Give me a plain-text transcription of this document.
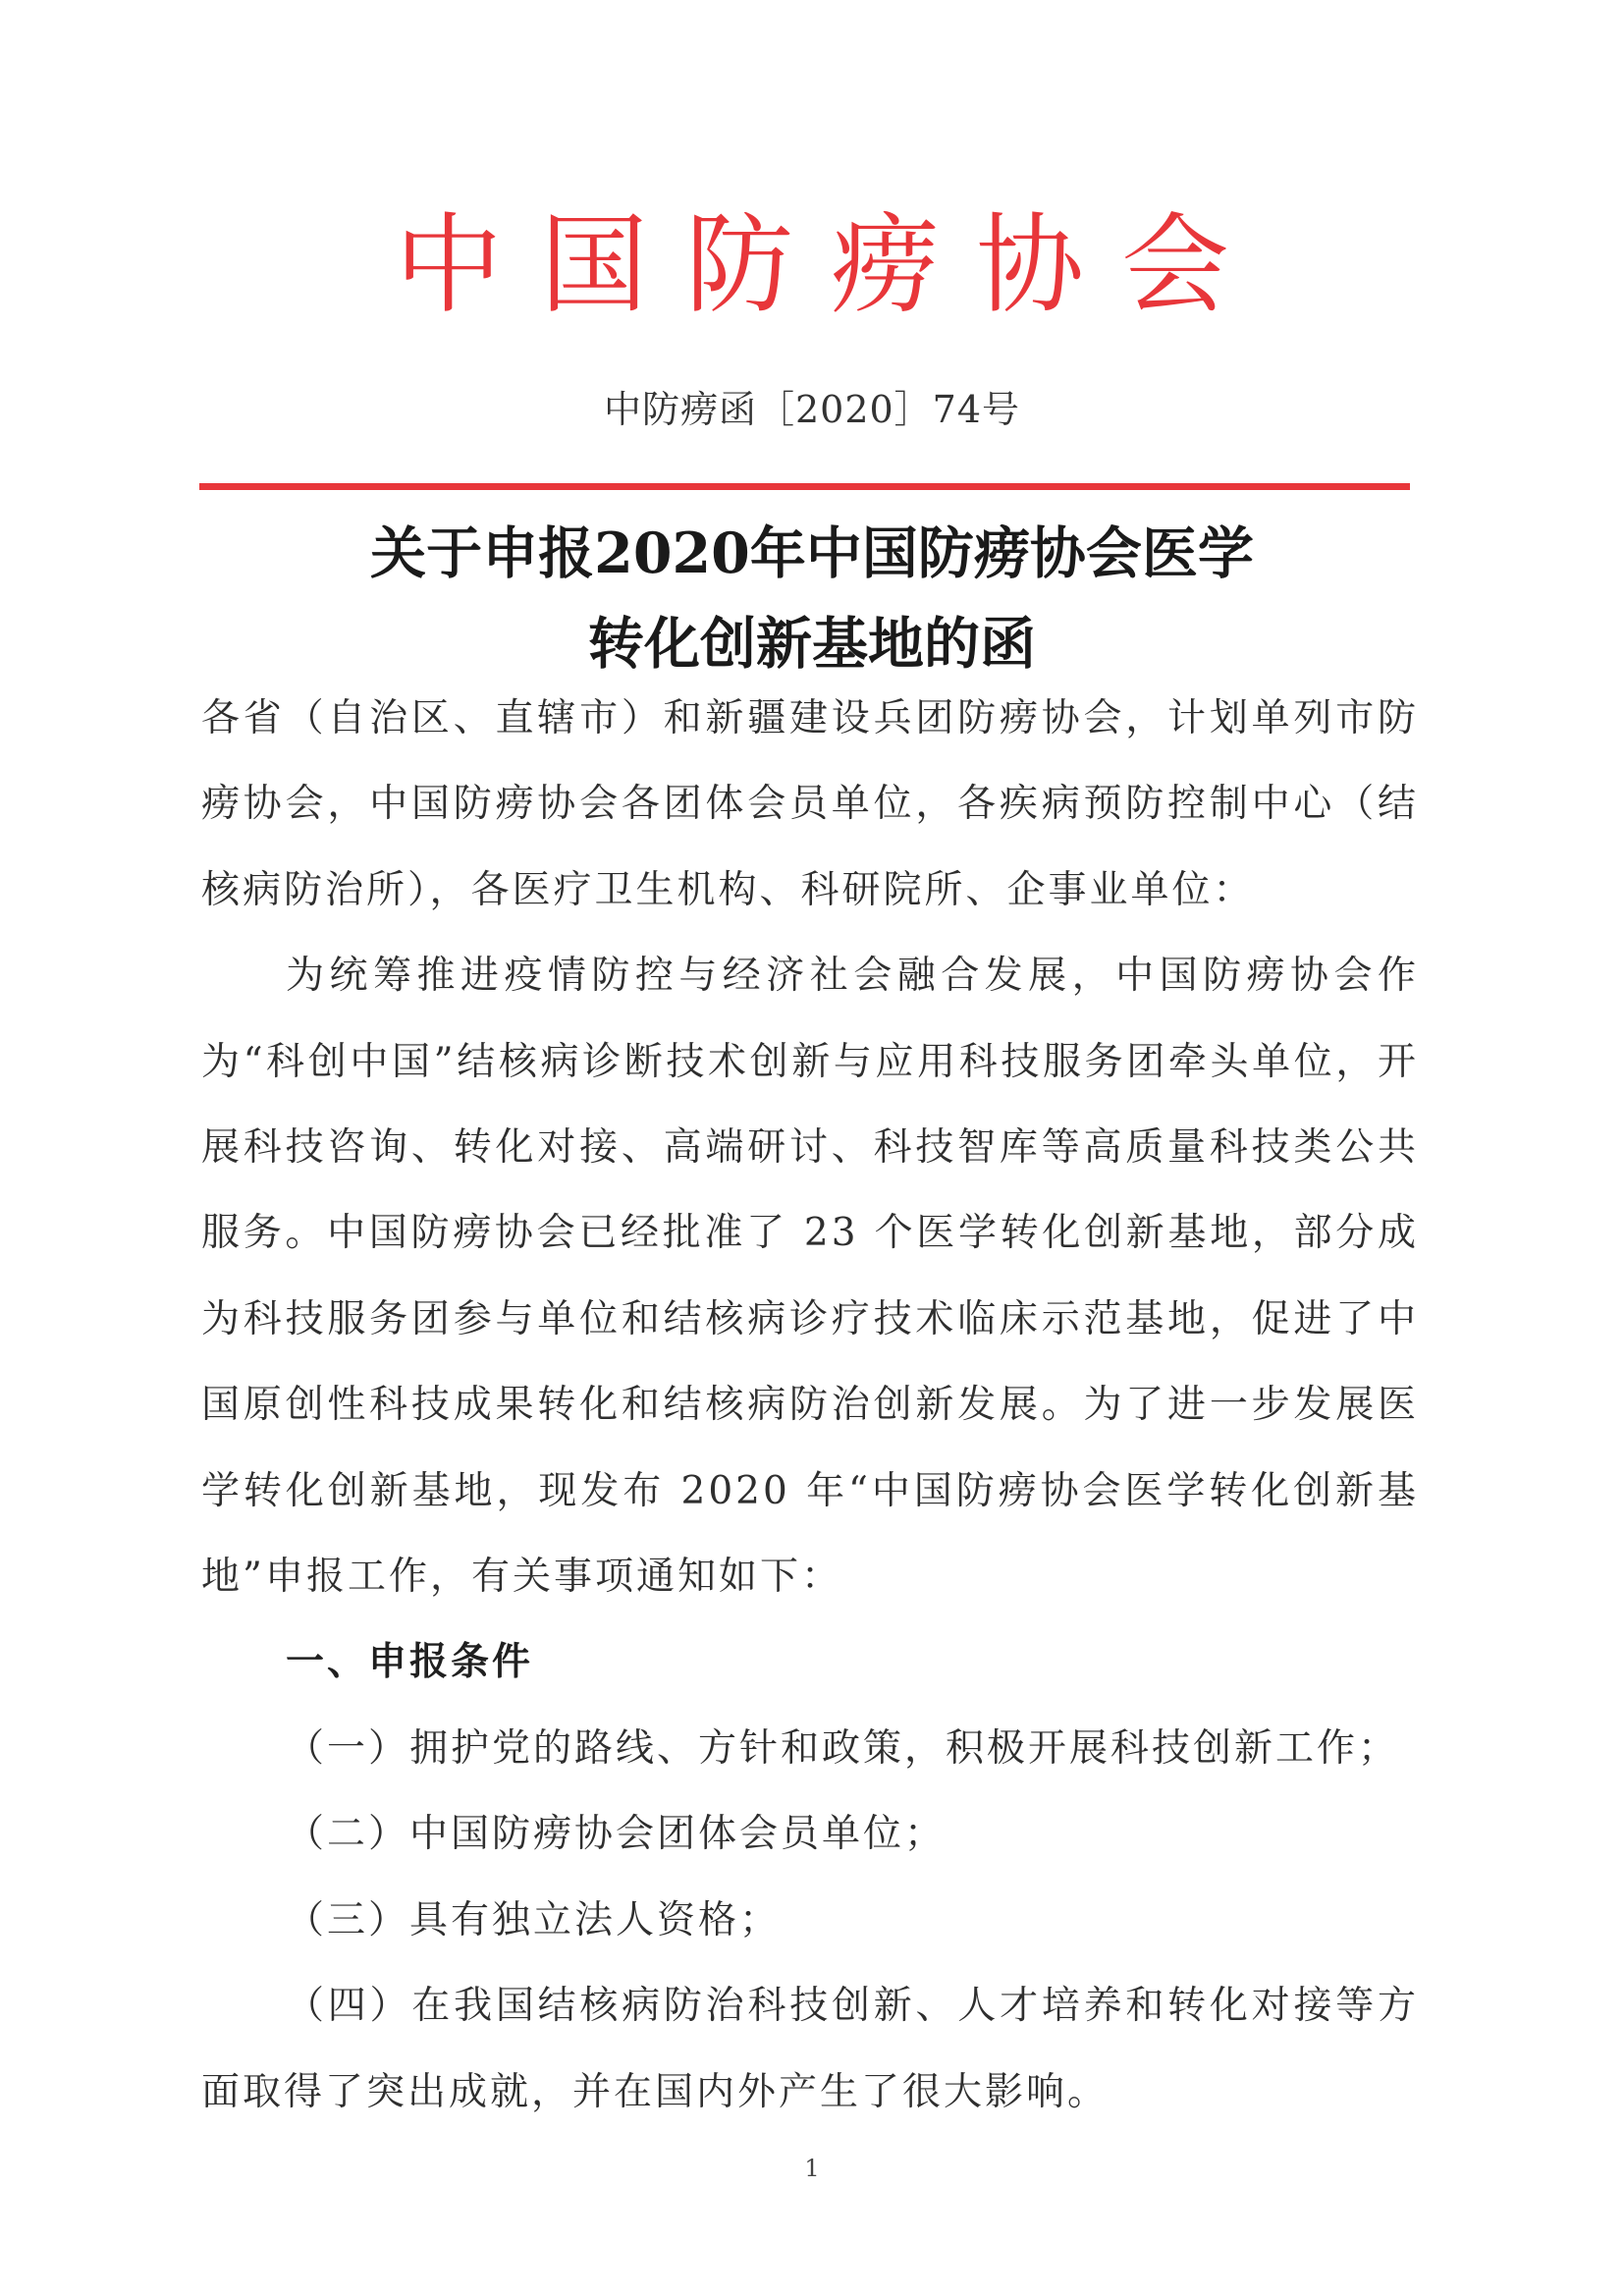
中国防痨协会
中防痨函［2020］74号
关于申报2020年中国防痨协会医学
转化创新基地的函

各省（自治区、直辖市）和新疆建设兵团防痨协会，计划单列市防痨协会，中国防痨协会各团体会员单位，各疾病预防控制中心（结核病防治所），各医疗卫生机构、科研院所、企事业单位：

为统筹推进疫情防控与经济社会融合发展，中国防痨协会作为“科创中国”结核病诊断技术创新与应用科技服务团牵头单位，开展科技咨询、转化对接、高端研讨、科技智库等高质量科技类公共服务。中国防痨协会已经批准了 23 个医学转化创新基地，部分成为科技服务团参与单位和结核病诊疗技术临床示范基地，促进了中国原创性科技成果转化和结核病防治创新发展。为了进一步发展医学转化创新基地，现发布 2020 年“中国防痨协会医学转化创新基地”申报工作，有关事项通知如下：

一、申报条件

（一）拥护党的路线、方针和政策，积极开展科技创新工作；

（二）中国防痨协会团体会员单位；

（三）具有独立法人资格；

（四）在我国结核病防治科技创新、人才培养和转化对接等方面取得了突出成就，并在国内外产生了很大影响。

1
